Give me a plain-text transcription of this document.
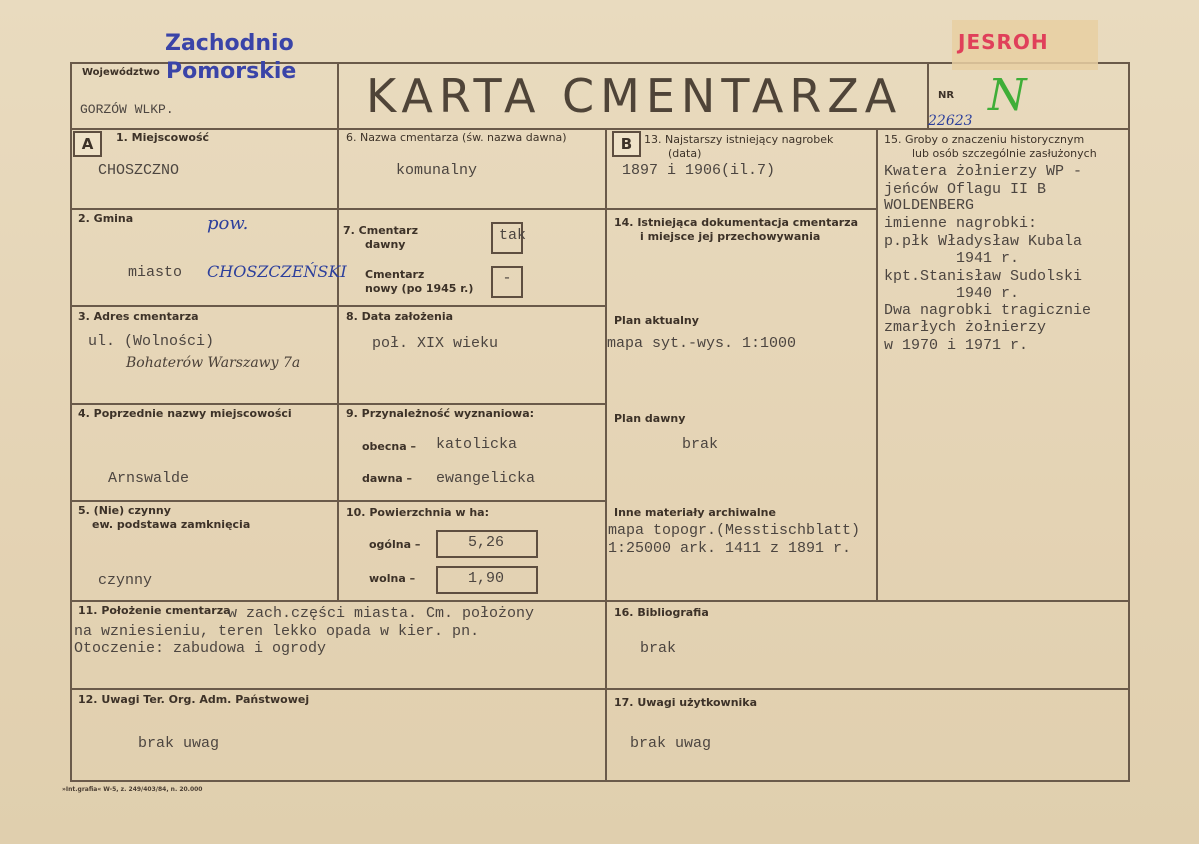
Zachodnio
Województwo Pomorskie
GORZÓW WLKP.	KARTA CMENTARZA
ЈЕSROH
NR N
22623
A	B
1. Miejscowość
CHOSZCZNO
2. Gmina	pow.
miasto CHOSZCZEŃSKI
3. Adres cmentarza
ul. (Wolności)
Bohaterów Warszawy 7a
4. Poprzednie nazwy miejscowości
Arnswalde
5. (Nie) czynny
ew. podstawa zamknięcia
czynny
6. Nazwa cmentarza (św. nazwa dawna)
komunalny
7. Cmentarz
dawny
tak
Cmentarz
nowy (po 1945 r.)
-
8. Data założenia
poł. XIX wieku
9. Przynależność wyznaniowa:
obecna – katolicka
dawna – ewangelicka
10. Powierzchnia w ha:
ogólna –	5,26
wolna –	1,90
13. Najstarszy istniejący nagrobek
(data)
1897 i 1906(il.7)
14. Istniejąca dokumentacja cmentarza
i miejsce jej przechowywania
Plan aktualny
mapa syt.-wys. 1:1000
Plan dawny
brak
Inne materiały archiwalne
mapa topogr.(Messtischblatt)
1:25000 ark. 1411 z 1891 r.
15. Groby o znaczeniu historycznym
lub osób szczególnie zasłużonych
Kwatera żołnierzy WP -
jeńców Oflagu II B
WOLDENBERG
imienne nagrobki:
p.płk Władysław Kubala
1941 r.
kpt.Stanisław Sudolski
1940 r.
Dwa nagrobki tragicznie
zmarłych żołnierzy
w 1970 i 1971 r.
11. Położenie cmentarza
w zach.części miasta. Cm. położony
na wzniesieniu, teren lekko opada w kier. pn.
Otoczenie: zabudowa i ogrody
12. Uwagi Ter. Org. Adm. Państwowej
brak uwag
16. Bibliografia
brak
17. Uwagi użytkownika
brak uwag
»Int.grafia« W-5, z. 249/403/84, n. 20.000
